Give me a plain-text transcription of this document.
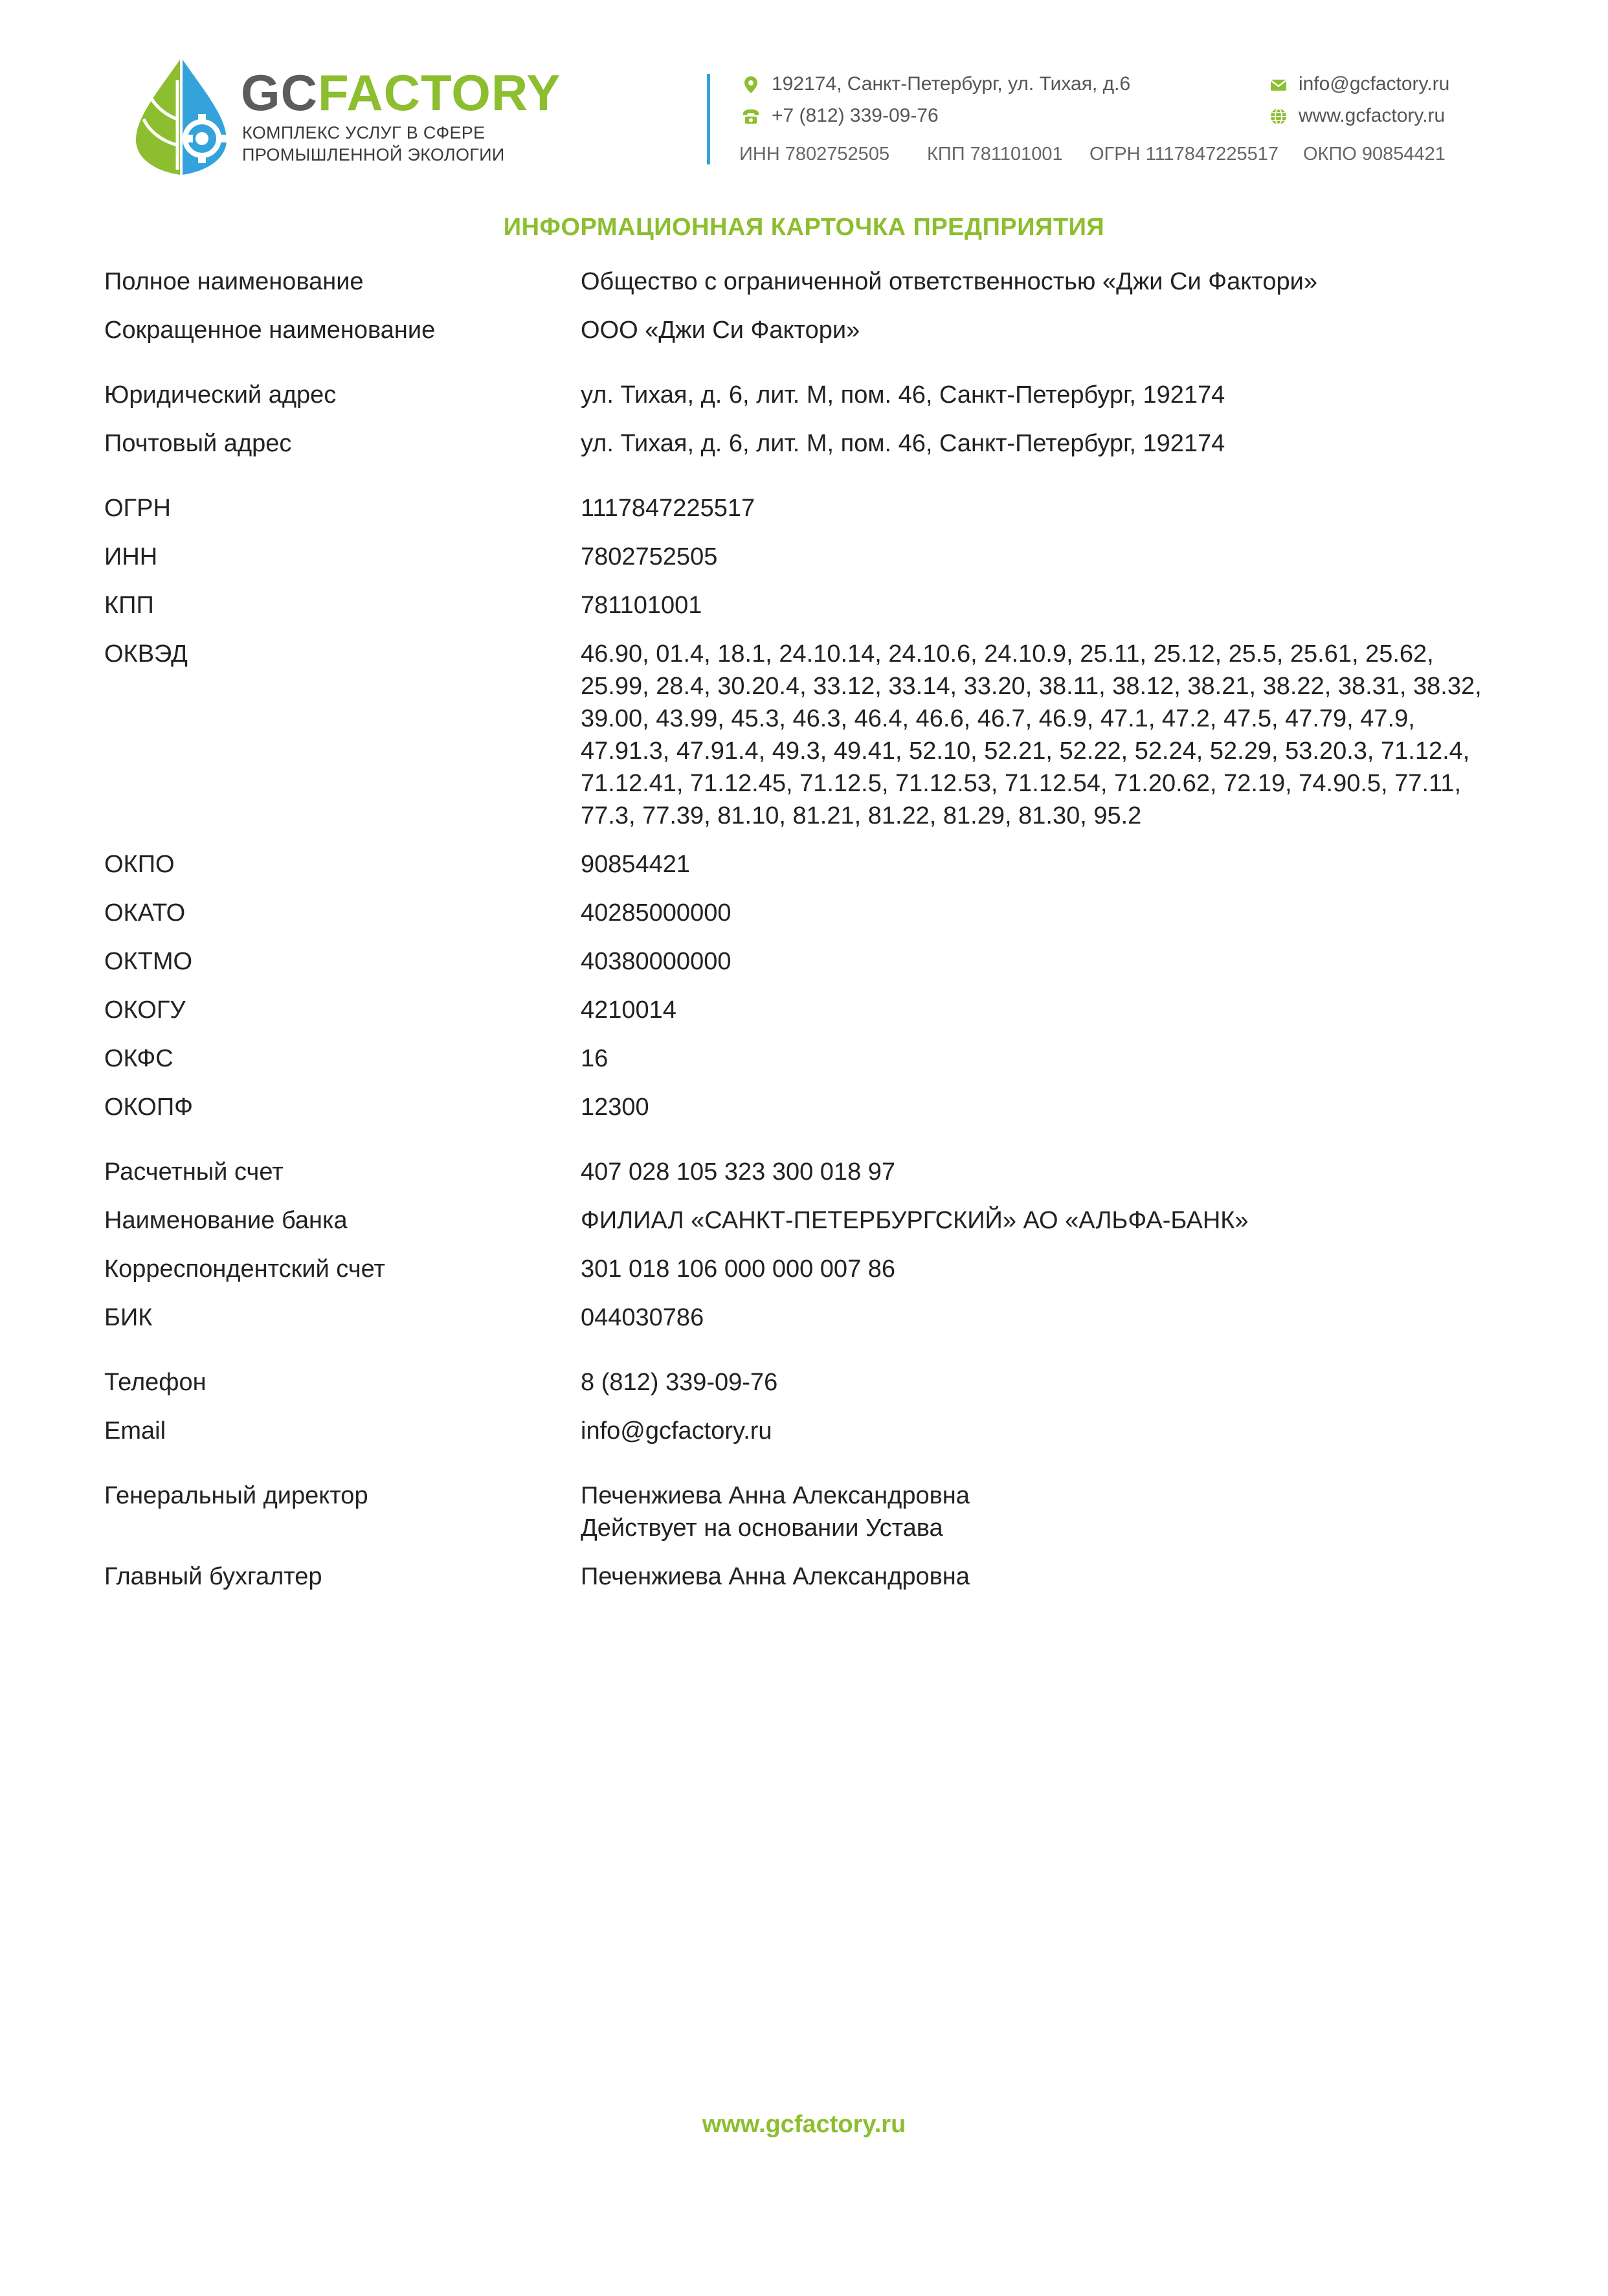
GCFACTORY
КОМПЛЕКС УСЛУГ В СФЕРЕ
ПРОМЫШЛЕННОЙ ЭКОЛОГИИ
192174, Санкт-Петербург, ул. Тихая, д.6
+7 (812) 339-09-76
info@gcfactory.ru
www.gcfactory.ru
ИНН 7802752505 КПП 781101001 ОГРН 1117847225517 ОКПО 90854421
ИНФОРМАЦИОННАЯ КАРТОЧКА ПРЕДПРИЯТИЯ
Полное наименование	Общество с ограниченной ответственностью «Джи Си Фактори»
Сокращенное наименование	ООО «Джи Си Фактори»
Юридический адрес	ул. Тихая, д. 6, лит. М, пом. 46, Санкт-Петербург, 192174
Почтовый адрес	ул. Тихая, д. 6, лит. М, пом. 46, Санкт-Петербург, 192174
ОГРН	1117847225517
ИНН	7802752505
КПП	781101001
ОКВЭД	46.90, 01.4, 18.1, 24.10.14, 24.10.6, 24.10.9, 25.11, 25.12, 25.5, 25.61, 25.62, 25.99, 28.4, 30.20.4, 33.12, 33.14, 33.20, 38.11, 38.12, 38.21, 38.22, 38.31, 38.32, 39.00, 43.99, 45.3, 46.3, 46.4, 46.6, 46.7, 46.9, 47.1, 47.2, 47.5, 47.79, 47.9, 47.91.3, 47.91.4, 49.3, 49.41, 52.10, 52.21, 52.22, 52.24, 52.29, 53.20.3, 71.12.4, 71.12.41, 71.12.45, 71.12.5, 71.12.53, 71.12.54, 71.20.62, 72.19, 74.90.5, 77.11, 77.3, 77.39, 81.10, 81.21, 81.22, 81.29, 81.30, 95.2
ОКПО	90854421
ОКАТО	40285000000
ОКТМО	40380000000
ОКОГУ	4210014
ОКФС	16
ОКОПФ	12300
Расчетный счет	407 028 105 323 300 018 97
Наименование банка	ФИЛИАЛ «САНКТ-ПЕТЕРБУРГСКИЙ» АО «АЛЬФА-БАНК»
Корреспондентский счет	301 018 106 000 000 007 86
БИК	044030786
Телефон	8 (812) 339-09-76
Email	info@gcfactory.ru
Генеральный директор	Печенжиева Анна Александровна
Действует на основании Устава
Главный бухгалтер	Печенжиева Анна Александровна
www.gcfactory.ru
